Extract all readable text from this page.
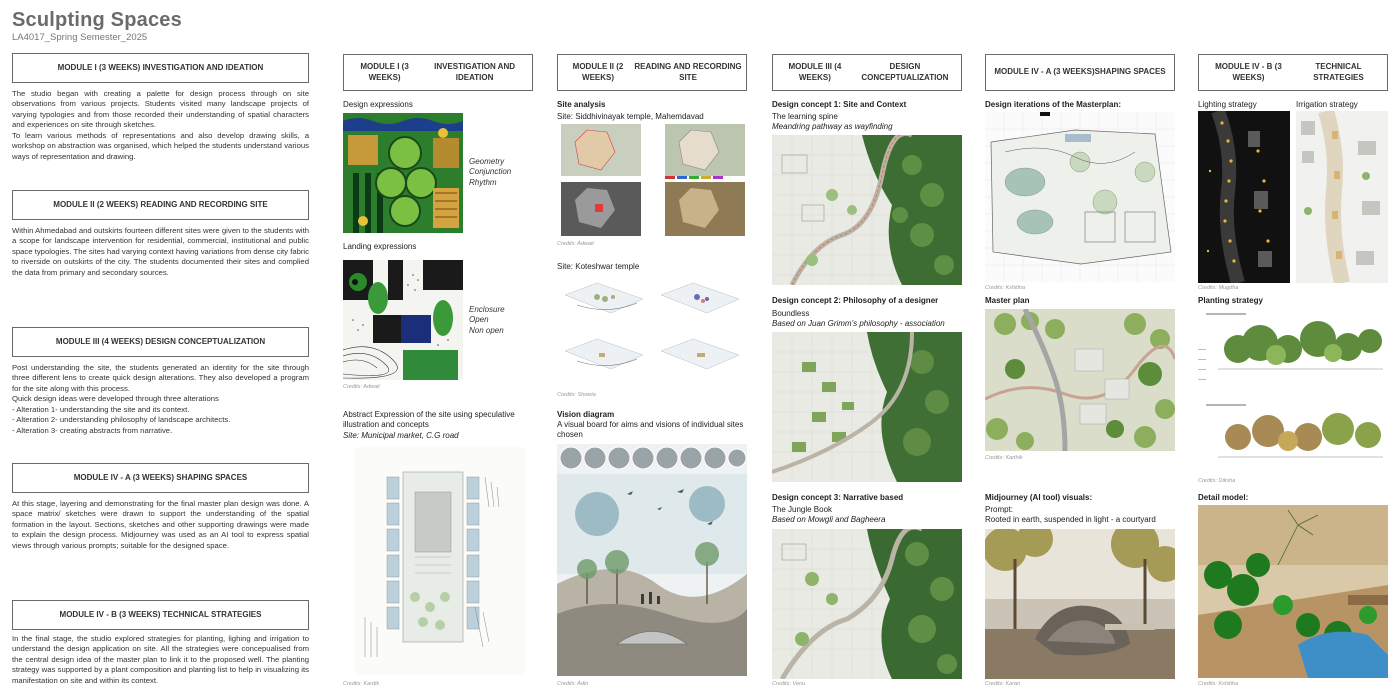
Sculpting Spaces
LA4017_Spring Semester_2025
MODULE I (3 WEEKS) INVESTIGATION AND IDEATION
The studio began with creating a palette for design process through on site observations from various projects. Students visited many landscape projects of varying typologies and from those recorded their understanding of spatial characters and experiences on site through sketches.
To learn various methods of representations and also develop drawing skills, a workshop on abstraction was organised, which helped the students understand various ways of representation and drawing.
MODULE II (2 WEEKS) READING AND RECORDING SITE
Within Ahmedabad and outskirts fourteen different sites were given to the students with a scope for landscape intervention for residential, commercial, institutional and public space typologies. The sites had varying context having variations from dense city fabric to riverside on outskirts of the city. The students documented their sites and complied the data from primary and secondary sources.
MODULE III (4 WEEKS) DESIGN CONCEPTUALIZATION
Post understanding the site, the students generated an identity for the site through three different lens to create quick design alterations. They also developed a program for the site along with this process.
Quick design ideas were developed through three alterations
- Alteration 1- understanding the site and its context.
- Alteration 2- understanding philosophy of landscape architects.
- Alteration 3- creating abstracts from narrative.
MODULE IV - A (3 WEEKS) SHAPING SPACES
At this stage, layering and demonstrating for the final master plan design was done. A space matrix/ sketches were drawn to support the understanding of the spatial formation in the layout. Sections, sketches and other supporting drawings were made to explain the design process. Midjourney was used as an AI tool to express spatial views through various prompts; suitable for the designed space.
MODULE IV - B (3 WEEKS) TECHNICAL STRATEGIES
In the final stage, the studio explored strategies for planting, lighing and irrigation to understand the design application on site. All the strategies were concepualised from the central design idea of the master plan to link it to the proposed well. The planting strategy was supported by a plant composition and planting list to help in visualizing its manifestation on site and within its context.
MODULE I (3 WEEKS)
INVESTIGATION AND IDEATION
Design expressions
Geometry
Conjunction
Rhythm
Landing expressions
Enclosure
Open
Non open
Credits: Adwait
Abstract Expression of the site using speculative illustration and concepts
Site: Municipal market, C.G road
Credits: Kardik
MODULE II (2 WEEKS)
READING AND RECORDING SITE
Site analysis
Site: Siddhivinayak temple, Mahemdavad
Credits: Adwait
Site: Koteshwar temple
Credits: Shweta
Vision diagram
A visual board for aims and visions of individual sites chosen
Credits: Adin
MODULE III (4 WEEKS)
DESIGN CONCEPTUALIZATION
Design concept 1: Site and Context
The learning spine
Meandring pathway as wayfinding
Design concept 2: Philosophy of a designer
Boundless
Based on Juan Grimm's philosophy - association
Design concept 3: Narrative based
The Jungle Book
Based on Mowgli and Bagheera
Credits: Venu
MODULE IV - A (3 WEEKS) SHAPING SPACES
Design iterations of the Masterplan:
Credits: Kshitiha
Master plan
Credits: Karthik
Midjourney (AI tool) visuals:
Prompt:
Rooted in earth, suspended in light - a courtyard
Credits: Karan
MODULE IV - B (3 WEEKS)
TECHNICAL STRATEGIES
Lighting strategy	Irrigation strategy
Credits: Mugdha
Planting strategy
Credits: Diksha
Detail model:
Credits: Kshitiha
